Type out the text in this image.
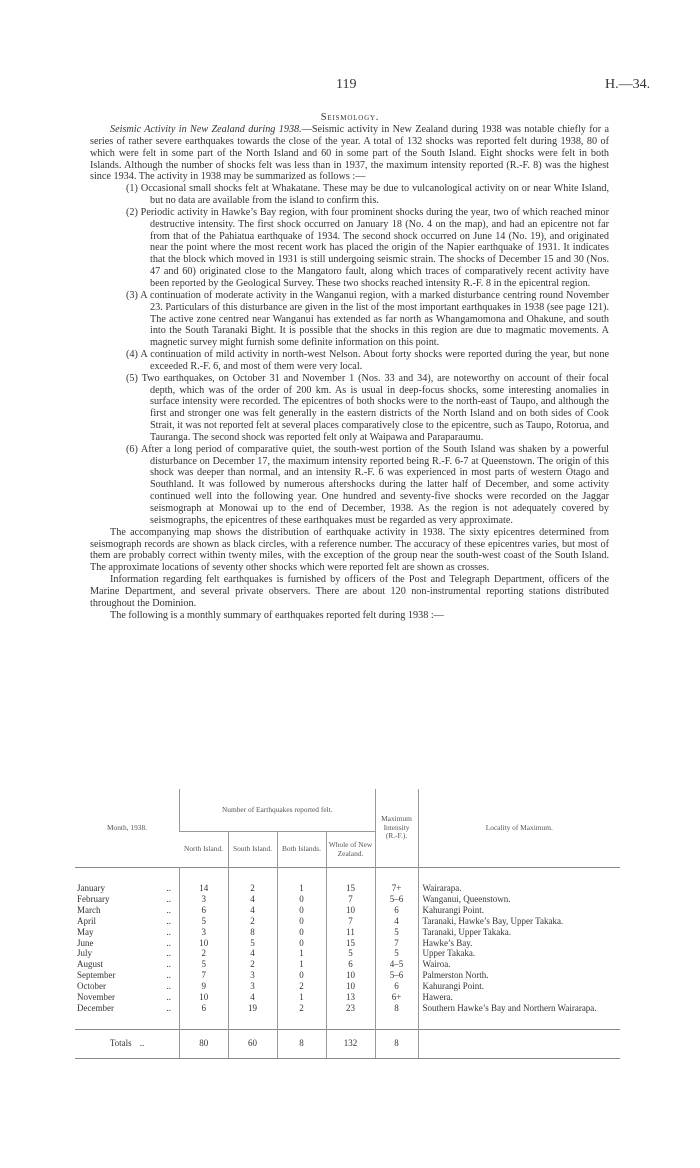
119	H.—34.
Seismology.

Seismic Activity in New Zealand during 1938.—Seismic activity in New Zealand during 1938 was notable chiefly for a series of rather severe earthquakes towards the close of the year. A total of 132 shocks was reported felt during 1938, 80 of which were felt in some part of the North Island and 60 in some part of the South Island. Eight shocks were felt in both Islands. Although the number of shocks felt was less than in 1937, the maximum intensity reported (R.-F. 8) was the highest since 1934. The activity in 1938 may be summarized as follows :—

(1) Occasional small shocks felt at Whakatane. These may be due to vulcanological activity on or near White Island, but no data are available from the island to confirm this.

(2) Periodic activity in Hawke’s Bay region, with four prominent shocks during the year, two of which reached minor destructive intensity. The first shock occurred on January 18 (No. 4 on the map), and had an epicentre not far from that of the Pahiatua earthquake of 1934. The second shock occurred on June 14 (No. 19), and originated near the point where the most recent work has placed the origin of the Napier earthquake of 1931. It indicates that the block which moved in 1931 is still undergoing seismic strain. The shocks of December 15 and 30 (Nos. 47 and 60) originated close to the Mangatoro fault, along which traces of comparatively recent activity have been reported by the Geological Survey. These two shocks reached intensity R.-F. 8 in the epicentral region.

(3) A continuation of moderate activity in the Wanganui region, with a marked disturbance centring round November 23. Particulars of this disturbance are given in the list of the most important earthquakes in 1938 (see page 121). The active zone centred near Wanganui has extended as far north as Whangamomona and Ohakune, and south into the South Taranaki Bight. It is possible that the shocks in this region are due to magmatic movements. A magnetic survey might furnish some definite information on this point.

(4) A continuation of mild activity in north-west Nelson. About forty shocks were reported during the year, but none exceeded R.-F. 6, and most of them were very local.

(5) Two earthquakes, on October 31 and November 1 (Nos. 33 and 34), are noteworthy on account of their focal depth, which was of the order of 200 km. As is usual in deep-focus shocks, some interesting anomalies in surface intensity were recorded. The epicentres of both shocks were to the north-east of Taupo, and although the first and stronger one was felt generally in the eastern districts of the North Island and on both sides of Cook Strait, it was not reported felt at several places comparatively close to the epicentre, such as Taupo, Rotorua, and Tauranga. The second shock was reported felt only at Waipawa and Paraparaumu.

(6) After a long period of comparative quiet, the south-west portion of the South Island was shaken by a powerful disturbance on December 17, the maximum intensity reported being R.-F. 6-7 at Queenstown. The origin of this shock was deeper than normal, and an intensity R.-F. 6 was experienced in most parts of western Otago and Southland. It was followed by numerous aftershocks during the latter half of December, and some activity continued well into the following year. One hundred and seventy-five shocks were recorded on the Jaggar seismograph at Monowai up to the end of December, 1938. As the region is not adequately covered by seismographs, the epicentres of these earthquakes must be regarded as very approximate.

The accompanying map shows the distribution of earthquake activity in 1938. The sixty epicentres determined from seismograph records are shown as black circles, with a reference number. The accuracy of these epicentres varies, but most of them are probably correct within twenty miles, with the exception of the group near the south-west coast of the South Island. The approximate locations of seventy other shocks which were reported felt are shown as crosses.

Information regarding felt earthquakes is furnished by officers of the Post and Telegraph Department, officers of the Marine Department, and several private observers. There are about 120 non-instrumental reporting stations distributed throughout the Dominion.

The following is a monthly summary of earthquakes reported felt during 1938 :—

Month, 1938.	Number of Earthquakes reported felt.				Maximum Intensity (R.-F.).	Locality of Maximum.
	North Island.	South Island.	Both Islands.	Whole of New Zealand.		

January ..	14	2	1	15	7+	Wairarapa.
February ..	3	4	0	7	5–6	Wanganui, Queenstown.
March ..	6	4	0	10	6	Kahurangi Point.
April ..	5	2	0	7	4	Taranaki, Hawke’s Bay, Upper Takaka.
May ..	3	8	0	11	5	Taranaki, Upper Takaka.
June ..	10	5	0	15	7	Hawke’s Bay.
July ..	2	4	1	5	5	Upper Takaka.
August ..	5	2	1	6	4–5	Wairoa.
September ..	7	3	0	10	5–6	Palmerston North.
October ..	9	3	2	10	6	Kahurangi Point.
November ..	10	4	1	13	6+	Hawera.
December ..	6	19	2	23	8	Southern Hawke’s Bay and Northern Wairarapa.

Totals ..	80	60	8	132	8	
